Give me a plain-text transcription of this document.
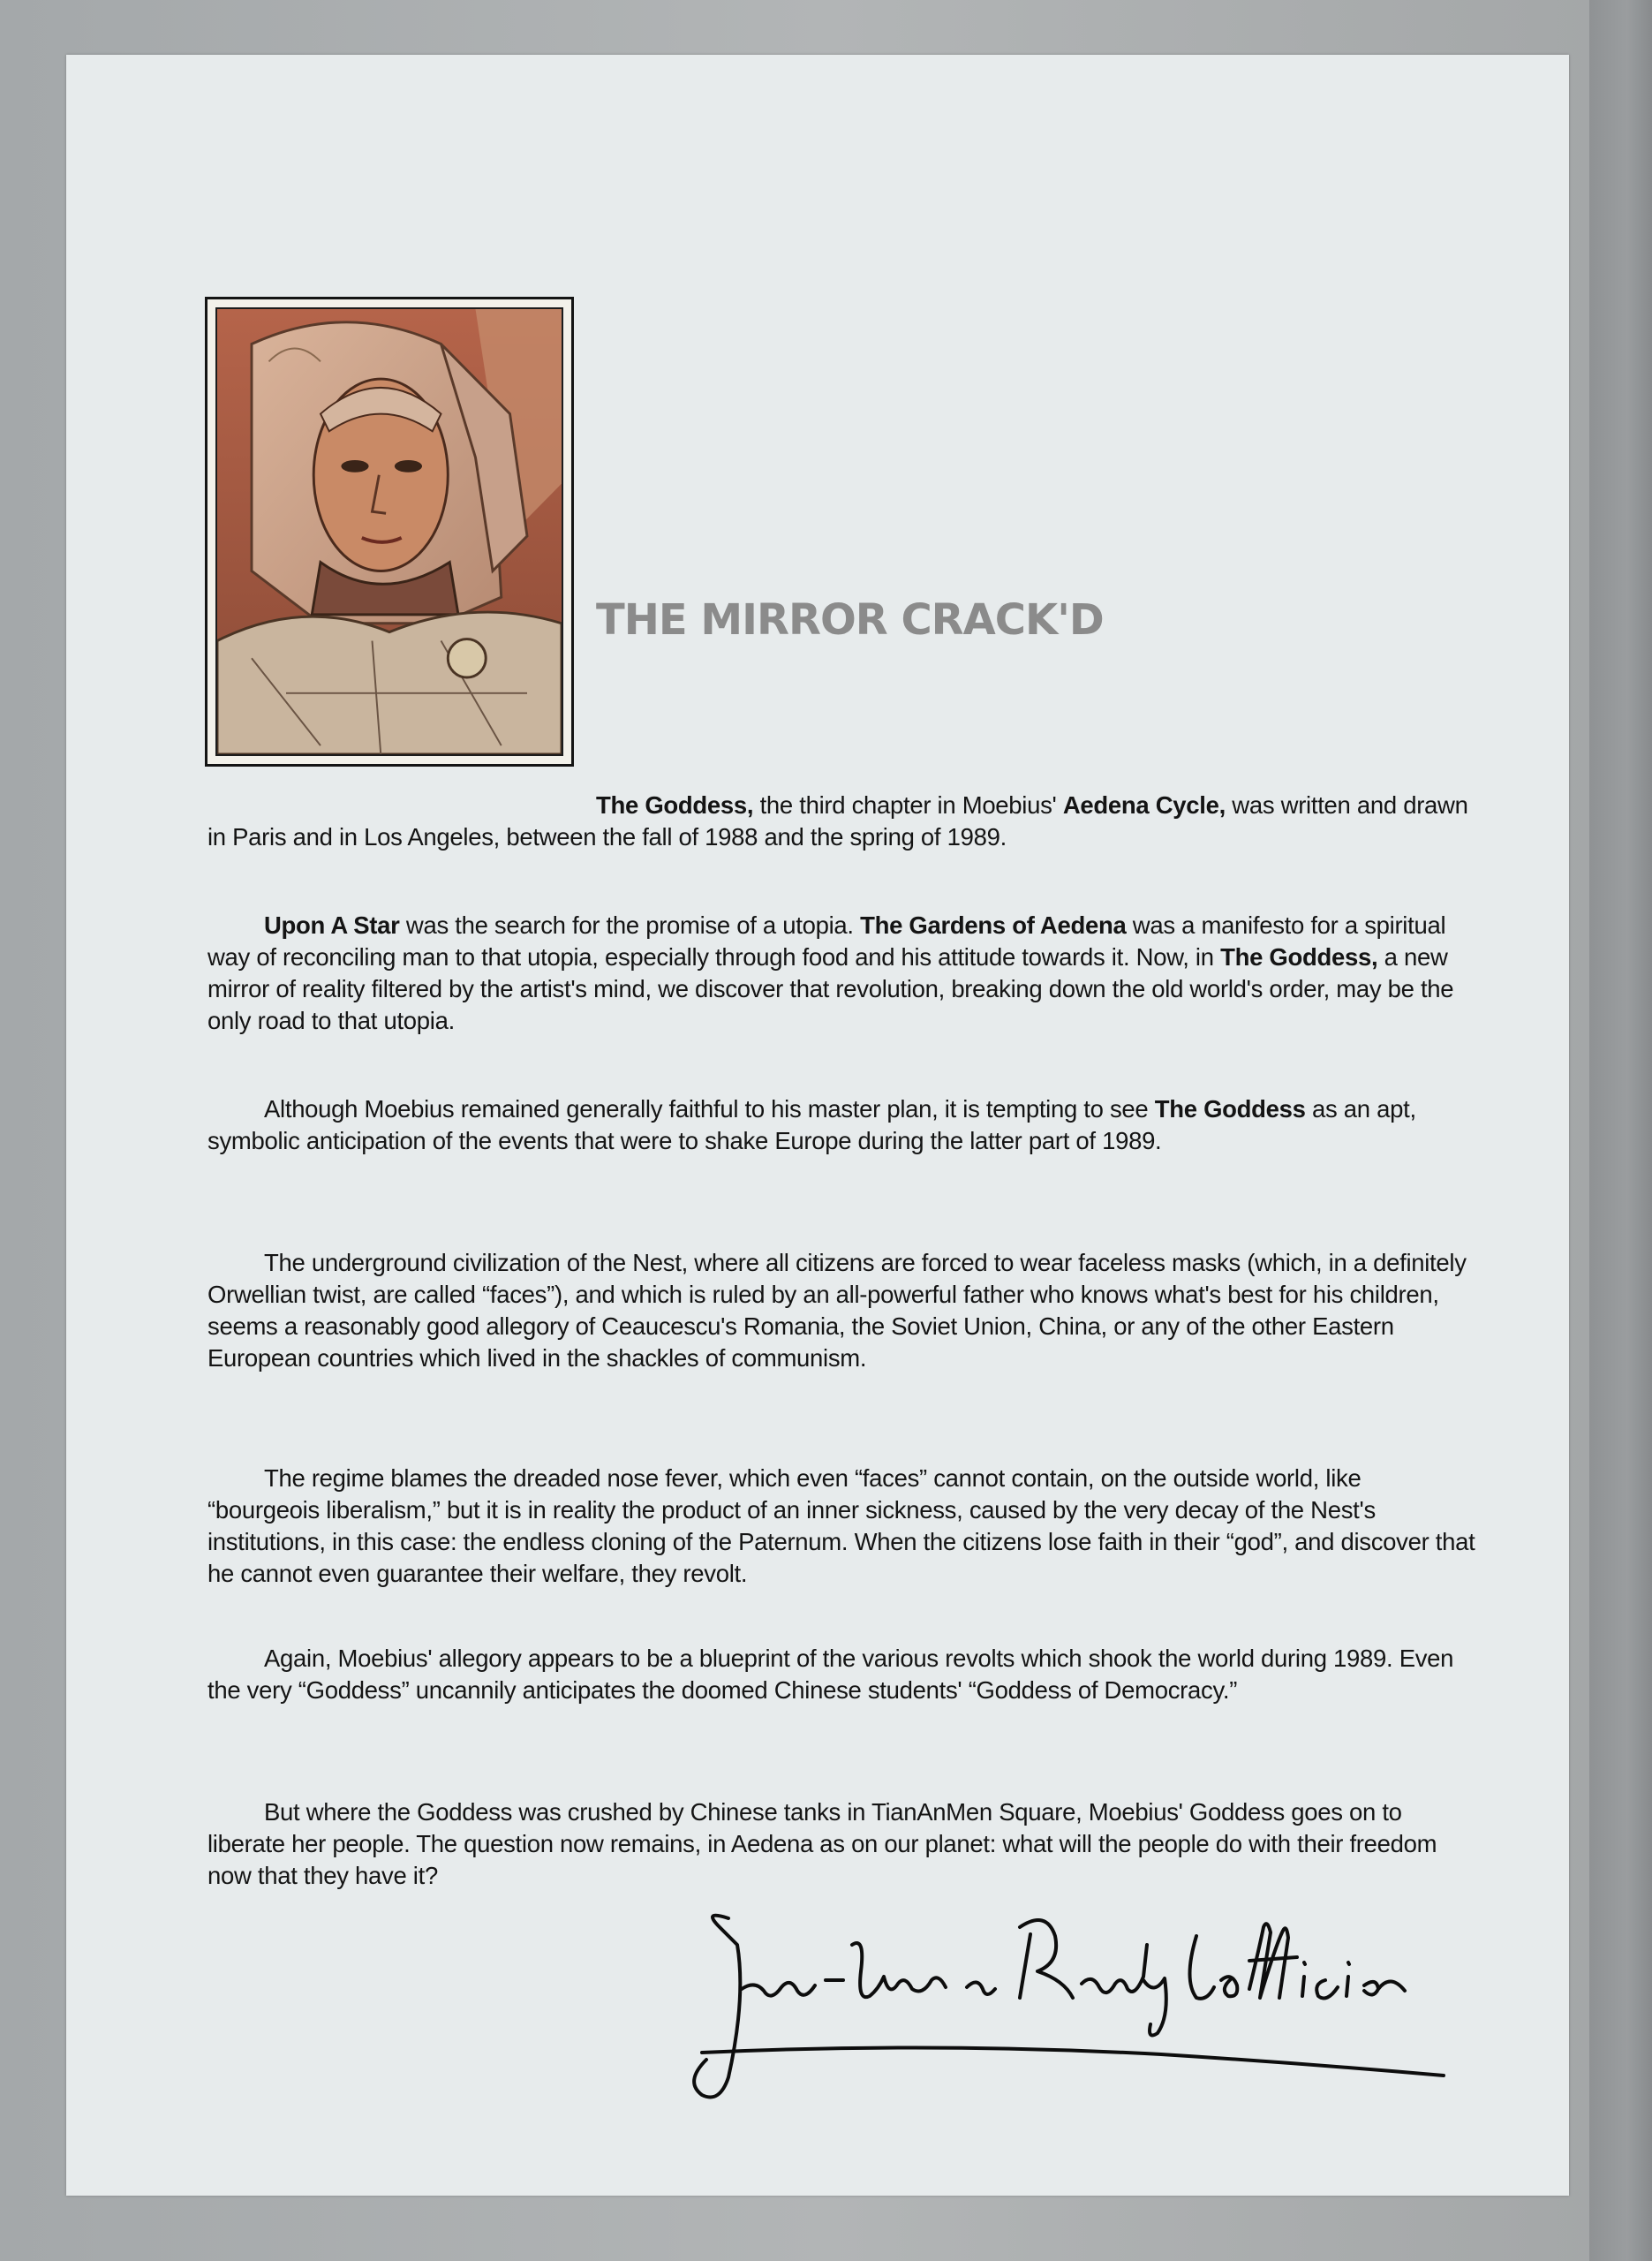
THE MIRROR CRACK'D

The Goddess, the third chapter in Moebius' Aedena Cycle, was written and drawn in Paris and in Los Angeles, between the fall of 1988 and the spring of 1989.

Upon A Star was the search for the promise of a utopia. The Gardens of Aedena was a manifesto for a spiritual way of reconciling man to that utopia, especially through food and his attitude towards it. Now, in The Goddess, a new mirror of reality filtered by the artist's mind, we discover that revolution, breaking down the old world's order, may be the only road to that utopia.

Although Moebius remained generally faithful to his master plan, it is tempting to see The Goddess as an apt, symbolic anticipation of the events that were to shake Europe during the latter part of 1989.

The underground civilization of the Nest, where all citizens are forced to wear faceless masks (which, in a definitely Orwellian twist, are called “faces”), and which is ruled by an all-powerful father who knows what's best for his children, seems a reasonably good allegory of Ceaucescu's Romania, the Soviet Union, China, or any of the other Eastern European countries which lived in the shackles of communism.

The regime blames the dreaded nose fever, which even “faces” cannot contain, on the outside world, like “bourgeois liberalism,” but it is in reality the product of an inner sickness, caused by the very decay of the Nest's institutions, in this case: the endless cloning of the Paternum. When the citizens lose faith in their “god”, and discover that he cannot even guarantee their welfare, they revolt.

Again, Moebius' allegory appears to be a blueprint of the various revolts which shook the world during 1989. Even the very “Goddess” uncannily anticipates the doomed Chinese students' “Goddess of Democracy.”

But where the Goddess was crushed by Chinese tanks in TianAnMen Square, Moebius' Goddess goes on to liberate her people. The question now remains, in Aedena as on our planet: what will the people do with their freedom now that they have it?
